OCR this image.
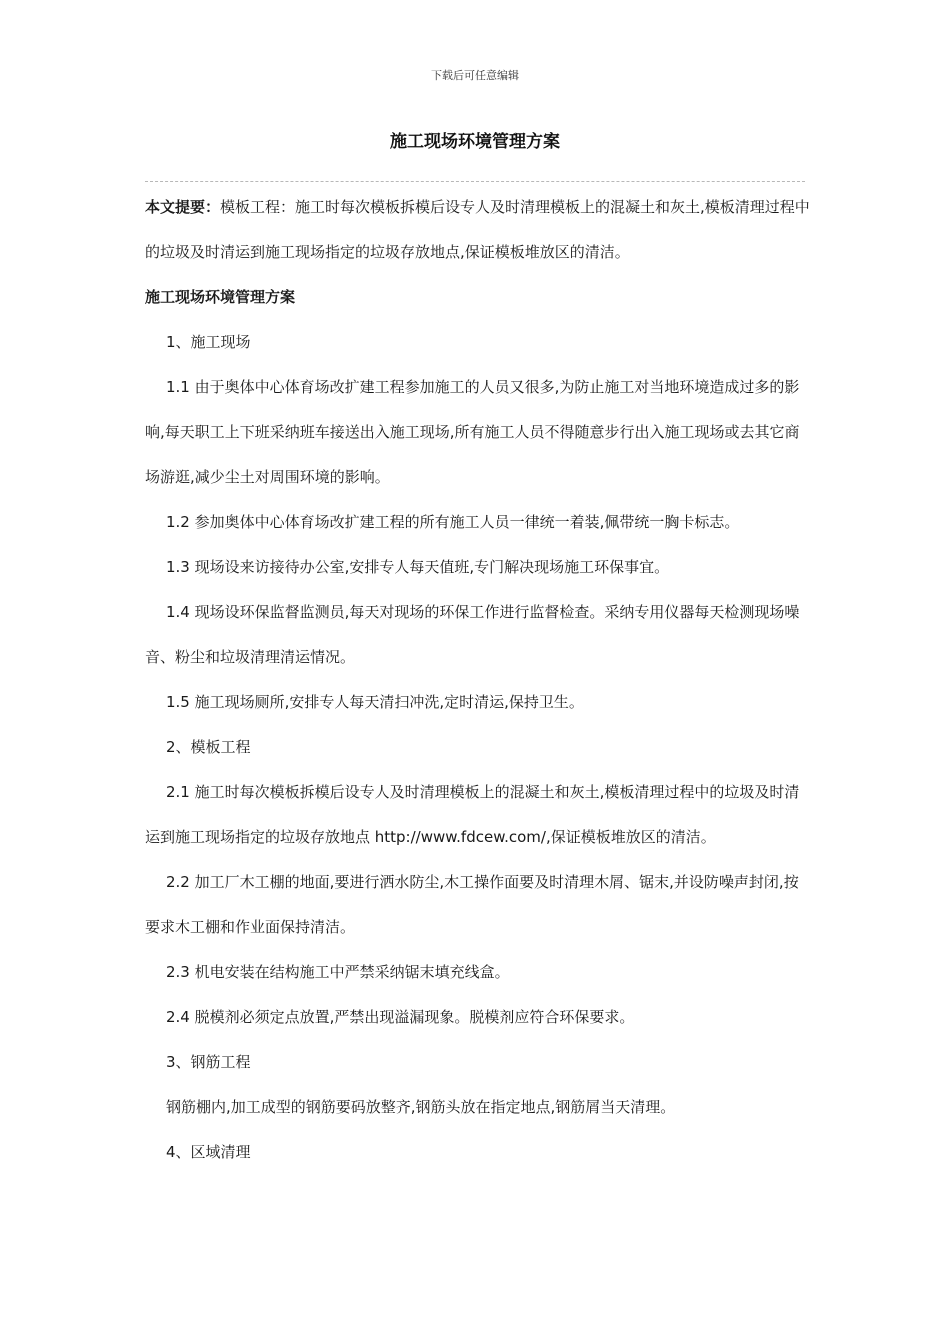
下载后可任意编辑
施工现场环境管理方案

本文提要：模板工程：施工时每次模板拆模后设专人及时清理模板上的混凝土和灰土,模板清理过程中的垃圾及时清运到施工现场指定的垃圾存放地点,保证模板堆放区的清洁。

施工现场环境管理方案

1、施工现场

1.1 由于奥体中心体育场改扩建工程参加施工的人员又很多,为防止施工对当地环境造成过多的影响,每天职工上下班采纳班车接送出入施工现场,所有施工人员不得随意步行出入施工现场或去其它商场游逛,减少尘土对周围环境的影响。

1.2 参加奥体中心体育场改扩建工程的所有施工人员一律统一着装,佩带统一胸卡标志。

1.3 现场设来访接待办公室,安排专人每天值班,专门解决现场施工环保事宜。

1.4 现场设环保监督监测员,每天对现场的环保工作进行监督检查。采纳专用仪器每天检测现场噪音、粉尘和垃圾清理清运情况。

1.5 施工现场厕所,安排专人每天清扫冲洗,定时清运,保持卫生。

2、模板工程

2.1 施工时每次模板拆模后设专人及时清理模板上的混凝土和灰土,模板清理过程中的垃圾及时清运到施工现场指定的垃圾存放地点 http://www.fdcew.com/,保证模板堆放区的清洁。

2.2 加工厂木工棚的地面,要进行洒水防尘,木工操作面要及时清理木屑、锯末,并设防噪声封闭,按要求木工棚和作业面保持清洁。

2.3 机电安装在结构施工中严禁采纳锯末填充线盒。

2.4 脱模剂必须定点放置,严禁出现溢漏现象。脱模剂应符合环保要求。

3、钢筋工程

钢筋棚内,加工成型的钢筋要码放整齐,钢筋头放在指定地点,钢筋屑当天清理。

4、区域清理
